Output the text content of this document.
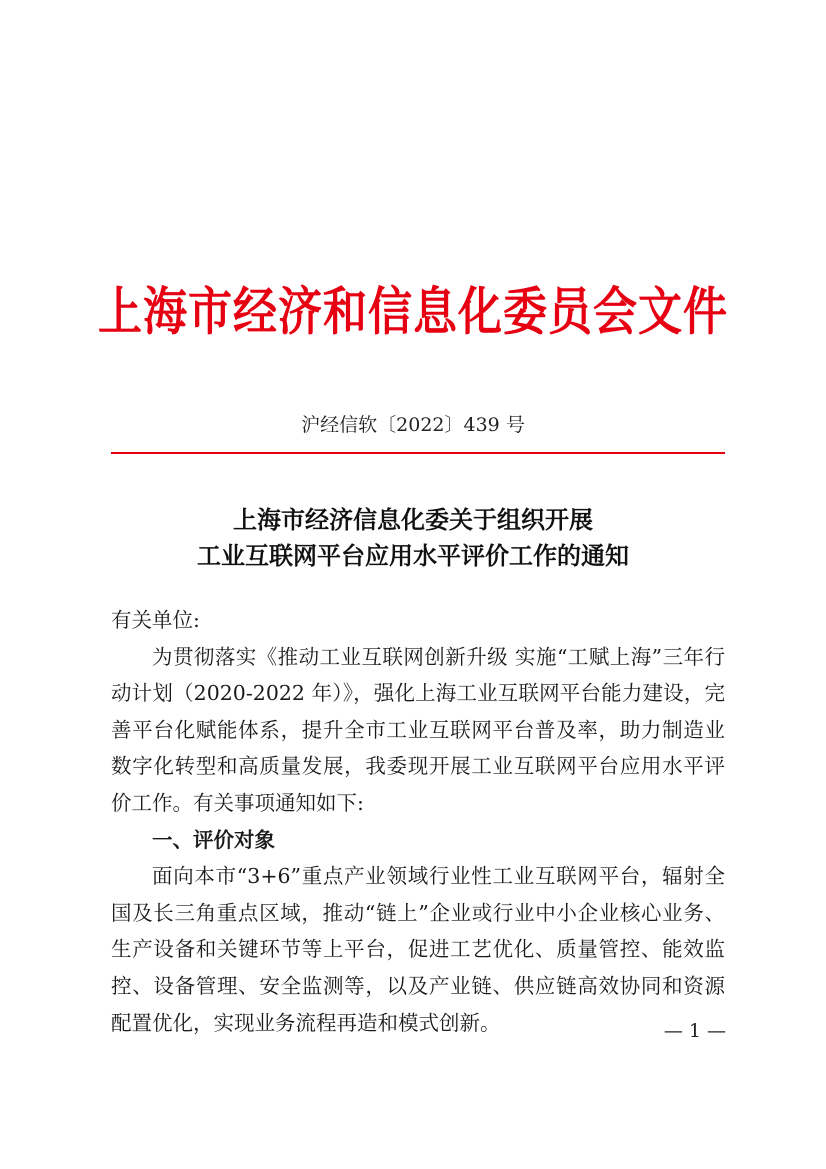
上海市经济和信息化委员会文件
沪经信软〔2022〕439 号
上海市经济信息化委关于组织开展
工业互联网平台应用水平评价工作的通知

有关单位:

为贯彻落实《推动工业互联网创新升级 实施“工赋上海”三年行动计划（2020-2022 年）》，强化上海工业互联网平台能力建设，完善平台化赋能体系，提升全市工业互联网平台普及率，助力制造业数字化转型和高质量发展，我委现开展工业互联网平台应用水平评价工作。有关事项通知如下:

一、评价对象

面向本市“3+6”重点产业领域行业性工业互联网平台，辐射全国及长三角重点区域，推动“链上”企业或行业中小企业核心业务、生产设备和关键环节等上平台，促进工艺优化、质量管控、能效监控、设备管理、安全监测等，以及产业链、供应链高效协同和资源配置优化，实现业务流程再造和模式创新。	— 1 —
